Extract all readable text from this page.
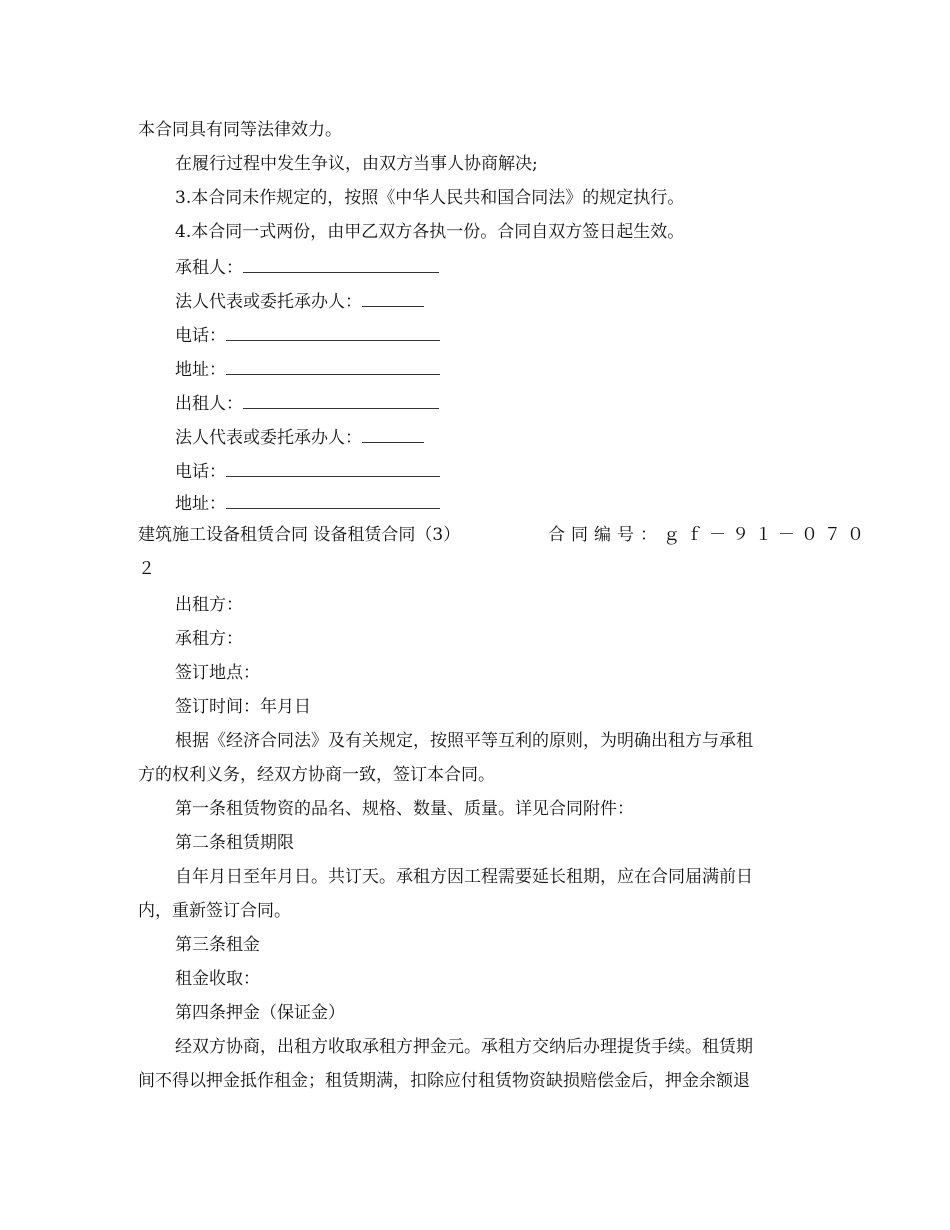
本合同具有同等法律效力。
在履行过程中发生争议，由双方当事人协商解决;
3.本合同未作规定的，按照《中华人民共和国合同法》的规定执行。
4.本合同一式两份，由甲乙双方各执一份。合同自双方签日起生效。
承租人：
法人代表或委托承办人：
电话：
地址：
出租人：
法人代表或委托承办人：
电话：
地址：
建筑施工设备租赁合同 设备租赁合同（3）	合同编号：ｇｆ－９１－０７０
２
出租方：
承租方：
签订地点：
签订时间：年月日
根据《经济合同法》及有关规定，按照平等互利的原则，为明确出租方与承租
方的权利义务，经双方协商一致，签订本合同。
第一条租赁物资的品名、规格、数量、质量。详见合同附件：
第二条租赁期限
自年月日至年月日。共订天。承租方因工程需要延长租期，应在合同届满前日
内，重新签订合同。
第三条租金
租金收取：
第四条押金（保证金）
经双方协商，出租方收取承租方押金元。承租方交纳后办理提货手续。租赁期
间不得以押金抵作租金；租赁期满，扣除应付租赁物资缺损赔偿金后，押金余额退
